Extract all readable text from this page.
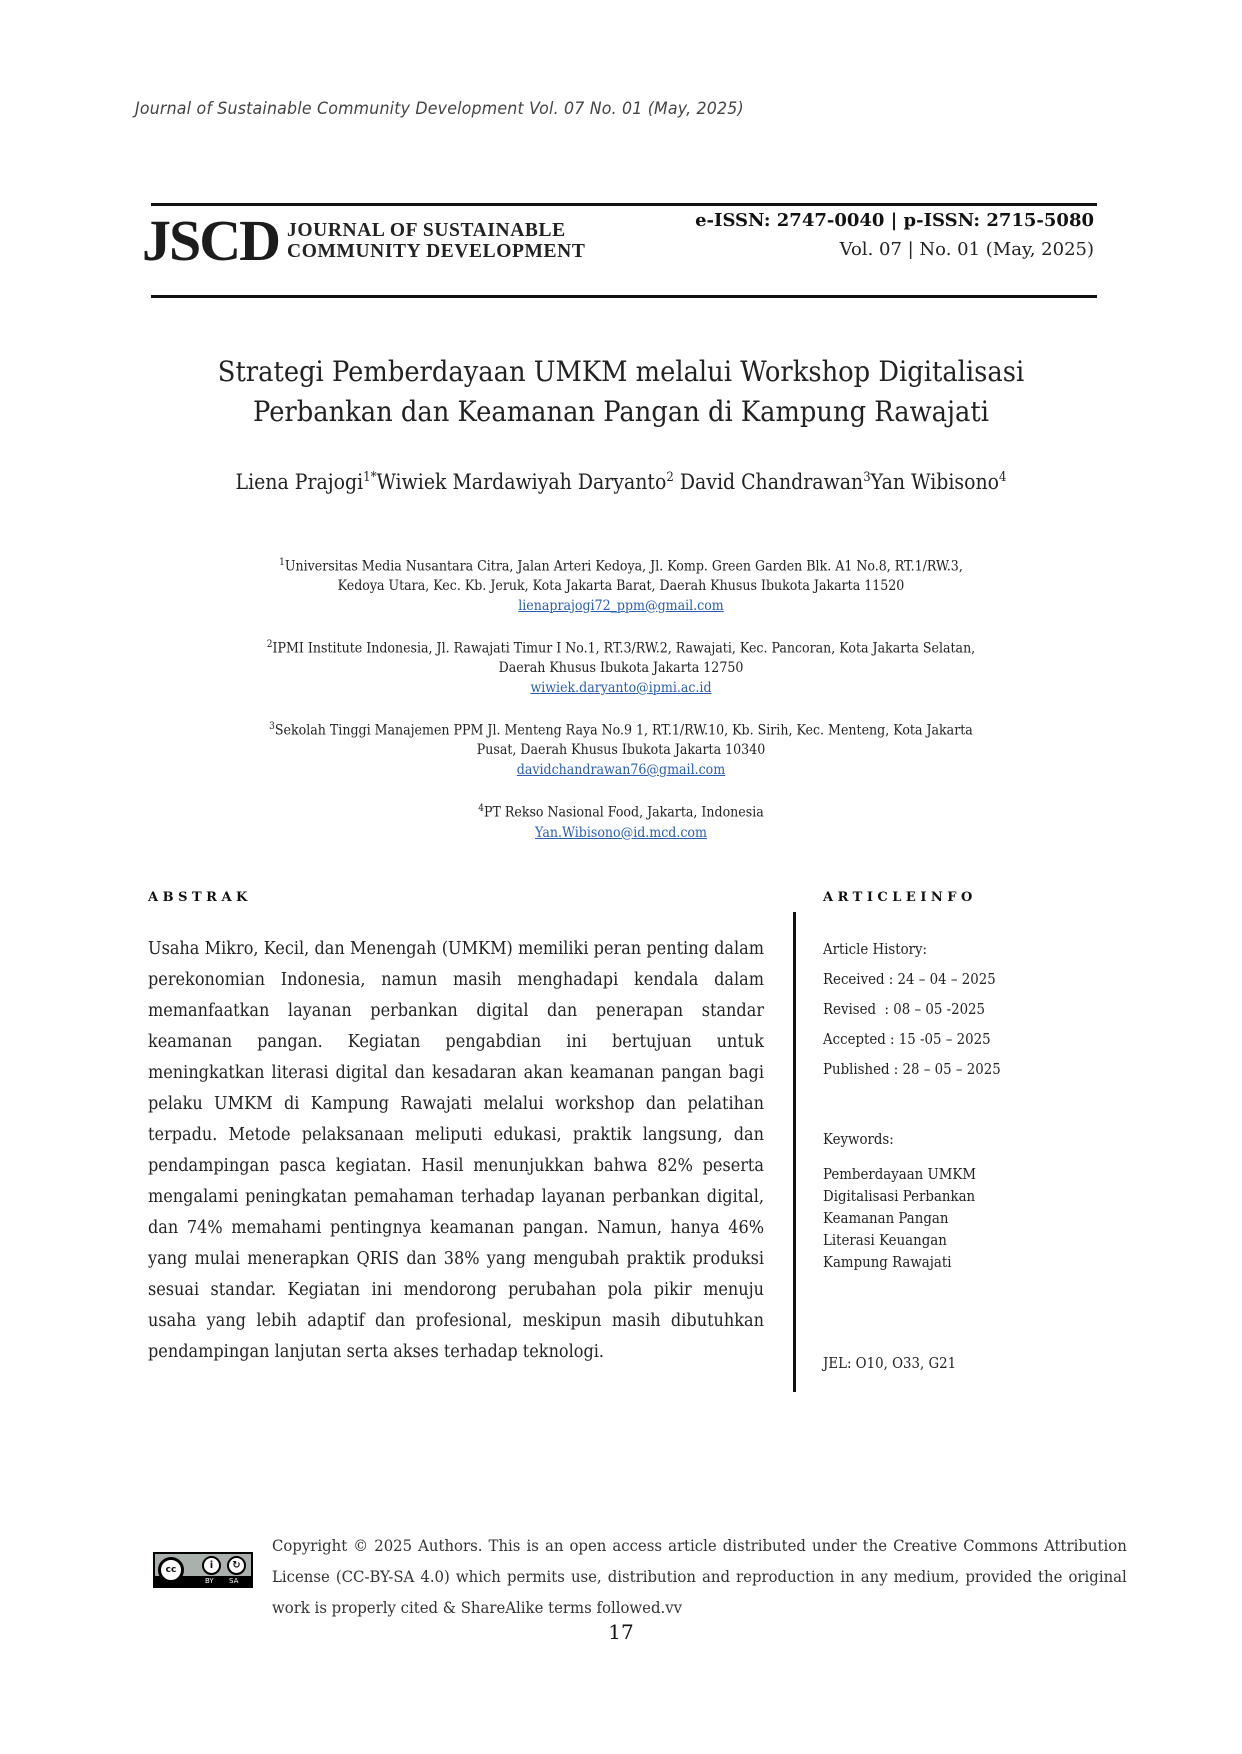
Journal of Sustainable Community Development Vol. 07 No. 01 (May, 2025)
JSCD JOURNAL OF SUSTAINABLE
COMMUNITY DEVELOPMENT
e-ISSN: 2747-0040 | p-ISSN: 2715-5080
Vol. 07 | No. 01 (May, 2025)
Strategi Pemberdayaan UMKM melalui Workshop Digitalisasi
Perbankan dan Keamanan Pangan di Kampung Rawajati
Liena Prajogi$^{1*}$Wiwiek Mardawiyah Daryanto$^2$ David Chandrawan$^3$Yan Wibisono$^4$
$^1$Universitas Media Nusantara Citra, Jalan Arteri Kedoya, Jl. Komp. Green Garden Blk. A1 No.8, RT.1/RW.3,
Kedoya Utara, Kec. Kb. Jeruk, Kota Jakarta Barat, Daerah Khusus Ibukota Jakarta 11520
lienaprajogi72_ppm@gmail.com
$^2$IPMI Institute Indonesia, Jl. Rawajati Timur I No.1, RT.3/RW.2, Rawajati, Kec. Pancoran, Kota Jakarta Selatan,
Daerah Khusus Ibukota Jakarta 12750
wiwiek.daryanto@ipmi.ac.id
$^3$Sekolah Tinggi Manajemen PPM Jl. Menteng Raya No.9 1, RT.1/RW.10, Kb. Sirih, Kec. Menteng, Kota Jakarta
Pusat, Daerah Khusus Ibukota Jakarta 10340
davidchandrawan76@gmail.com
$^4$PT Rekso Nasional Food, Jakarta, Indonesia
Yan.Wibisono@id.mcd.com
ABSTRAK	ARTICLEINFO
Usaha Mikro, Kecil, dan Menengah (UMKM) memiliki peran penting dalam perekonomian Indonesia, namun masih menghadapi kendala dalam memanfaatkan layanan perbankan digital dan penerapan standar keamanan pangan. Kegiatan pengabdian ini bertujuan untuk meningkatkan literasi digital dan kesadaran akan keamanan pangan bagi pelaku UMKM di Kampung Rawajati melalui workshop dan pelatihan terpadu. Metode pelaksanaan meliputi edukasi, praktik langsung, dan pendampingan pasca kegiatan. Hasil menunjukkan bahwa 82% peserta mengalami peningkatan pemahaman terhadap layanan perbankan digital, dan 74% memahami pentingnya keamanan pangan. Namun, hanya 46% yang mulai menerapkan QRIS dan 38% yang mengubah praktik produksi sesuai standar. Kegiatan ini mendorong perubahan pola pikir menuju usaha yang lebih adaptif dan profesional, meskipun masih dibutuhkan pendampingan lanjutan serta akses terhadap teknologi.
Article History:
Received : 24 – 04 – 2025
Revised  : 08 – 05 -2025
Accepted : 15 -05 – 2025
Published : 28 – 05 – 2025
Keywords:
Pemberdayaan UMKM
Digitalisasi Perbankan
Keamanan Pangan
Literasi Keuangan
Kampung Rawajati
JEL: O10, O33, G21
cc	i	↻
BY SA
Copyright © 2025 Authors. This is an open access article distributed under the Creative Commons Attribution License (CC-BY-SA 4.0) which permits use, distribution and reproduction in any medium, provided the original work is properly cited & ShareAlike terms followed.vv
17
